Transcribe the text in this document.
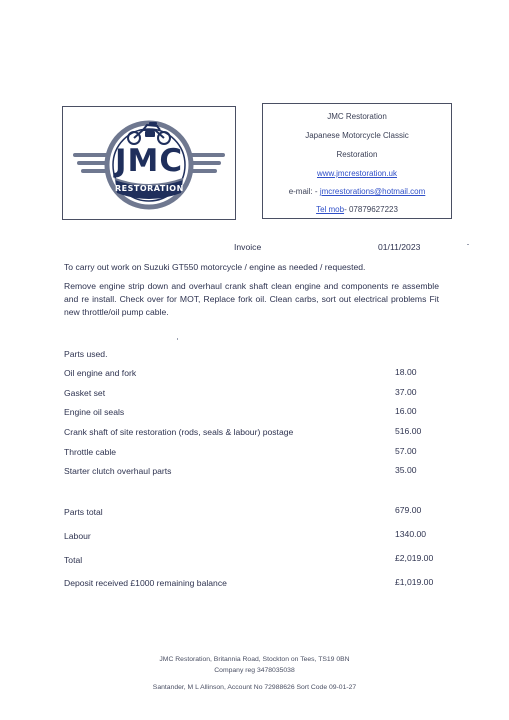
JMC
RESTORATION
JMC Restoration
Japanese Motorcycle Classic
Restoration
www.jmcrestoration.uk
e-mail: - jmcrestorations@hotmail.com
Tel mob- 07879627223
Invoice	01/11/2023
To carry out work on Suzuki GT550 motorcycle / engine as needed / requested.
Remove engine strip down and overhaul crank shaft clean engine and components re assemble and re install. Check over for MOT, Replace fork oil. Clean carbs, sort out electrical problems Fit new throttle/oil pump cable.
Parts used.
Oil engine and fork	18.00
Gasket set	37.00
Engine oil seals	16.00
Crank shaft of site restoration (rods, seals & labour) postage	516.00
Throttle cable	57.00
Starter clutch overhaul parts	35.00
Parts total	679.00
Labour	1340.00
Total	£2,019.00
Deposit received £1000 remaining balance	£1,019.00
JMC Restoration, Britannia Road, Stockton on Tees, TS19 0BN
Company reg 3478035038
Santander, M L Allinson, Account No 72988626 Sort Code 09-01-27
